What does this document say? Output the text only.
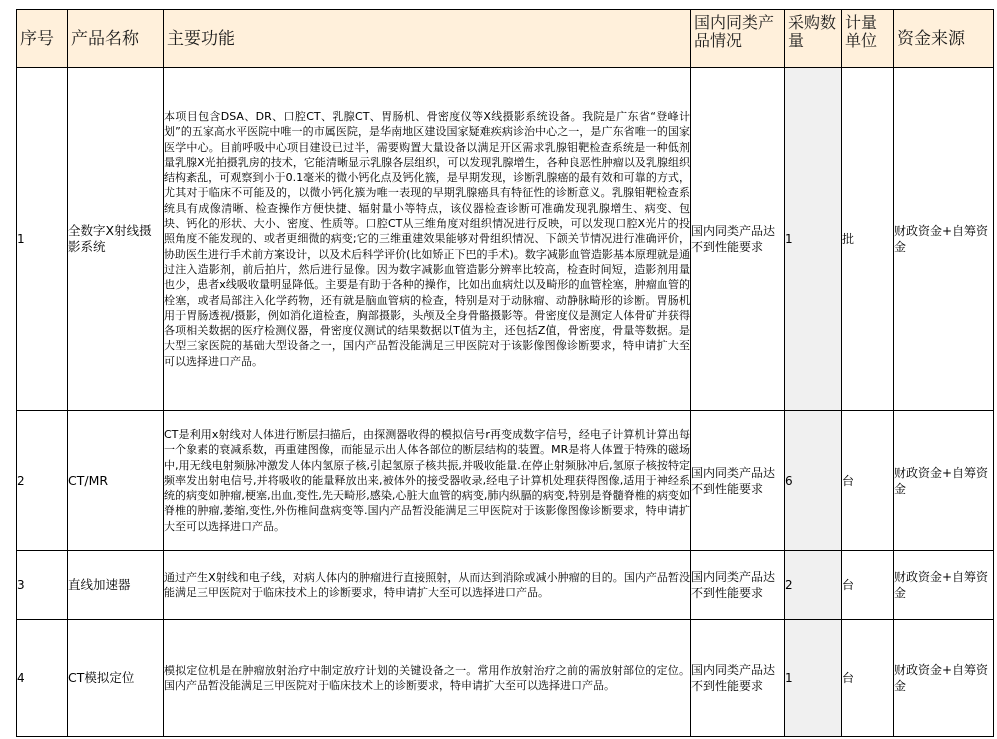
序号	产品名称	主要功能	国内同类产品情况	采购数量	计量单位	资金来源
1	全数字X射线摄影系统	本项目包含DSA、DR、口腔CT、乳腺CT、胃肠机、骨密度仪等X线摄影系统设备。我院是广东省“登峰计划”的五家高水平医院中唯一的市属医院，是华南地区建设国家疑难疾病诊治中心之一，是广东省唯一的国家医学中心。目前呼吸中心项目建设已过半，需要购置大量设备以满足开区需求乳腺钼靶检查系统是一种低剂量乳腺X光拍摄乳房的技术，它能清晰显示乳腺各层组织，可以发现乳腺增生，各种良恶性肿瘤以及乳腺组织结构紊乱，可观察到小于0.1毫米的微小钙化点及钙化簇，是早期发现，诊断乳腺癌的最有效和可靠的方式，尤其对于临床不可能及的，以微小钙化簇为唯一表现的早期乳腺癌具有特征性的诊断意义。乳腺钼靶检查系统具有成像清晰、检查操作方便快捷、辐射量小等特点，该仪器检查诊断可准确发现乳腺增生、病变、包块、钙化的形状、大小、密度、性质等。口腔CT从三维角度对组织情况进行反映，可以发现口腔X光片的投照角度不能发现的、或者更细微的病变;它的三维重建效果能够对骨组织情况、下颌关节情况进行准确评价，协助医生进行手术前方案设计，以及术后科学评价(比如矫正下巴的手术)。数字减影血管造影基本原理就是通过注入造影剂，前后拍片，然后进行显像。因为数字减影血管造影分辨率比较高，检查时间短，造影剂用量也少，患者x线吸收量明显降低。主要是有助于各种的操作，比如出血病灶以及畸形的血管栓塞，肿瘤血管的栓塞，或者局部注入化学药物，还有就是脑血管病的检查，特别是对于动脉瘤、动静脉畸形的诊断。胃肠机用于胃肠透视/摄影，例如消化道检查，胸部摄影，头颅及全身骨骼摄影等。骨密度仪是测定人体骨矿并获得各项相关数据的医疗检测仪器，骨密度仪测试的结果数据以T值为主，还包括Z值，骨密度，骨量等数据。是大型三家医院的基础大型设备之一，国内产品暂没能满足三甲医院对于该影像图像诊断要求，特申请扩大至可以选择进口产品。	国内同类产品达不到性能要求	1	批	财政资金+自筹资金
2	CT/MR	CT是利用x射线对人体进行断层扫描后，由探测器收得的模拟信号r再变成数字信号，经电子计算机计算出每一个象素的衰减系数，再重建图像，而能显示出人体各部位的断层结构的装置。MR是将人体置于特殊的磁场中,用无线电射频脉冲激发人体内氢原子核,引起氢原子核共振,并吸收能量.在停止射频脉冲后,氢原子核按特定频率发出射电信号,并将吸收的能量释放出来,被体外的接受器收录,经电子计算机处理获得图像,适用于神经系统的病变如肿瘤,梗塞,出血,变性,先天畸形,感染,心脏大血管的病变,肺内纵膈的病变,特别是脊髓脊椎的病变如脊椎的肿瘤,萎缩,变性,外伤椎间盘病变等.国内产品暂没能满足三甲医院对于该影像图像诊断要求，特申请扩大至可以选择进口产品。	国内同类产品达不到性能要求	6	台	财政资金+自筹资金
3	直线加速器	通过产生X射线和电子线，对病人体内的肿瘤进行直接照射，从而达到消除或减小肿瘤的目的。国内产品暂没能满足三甲医院对于临床技术上的诊断要求，特申请扩大至可以选择进口产品。	国内同类产品达不到性能要求	2	台	财政资金+自筹资金
4	CT模拟定位	模拟定位机是在肿瘤放射治疗中制定放疗计划的关键设备之一。常用作放射治疗之前的需放射部位的定位。国内产品暂没能满足三甲医院对于临床技术上的诊断要求，特申请扩大至可以选择进口产品。	国内同类产品达不到性能要求	1	台	财政资金+自筹资金
